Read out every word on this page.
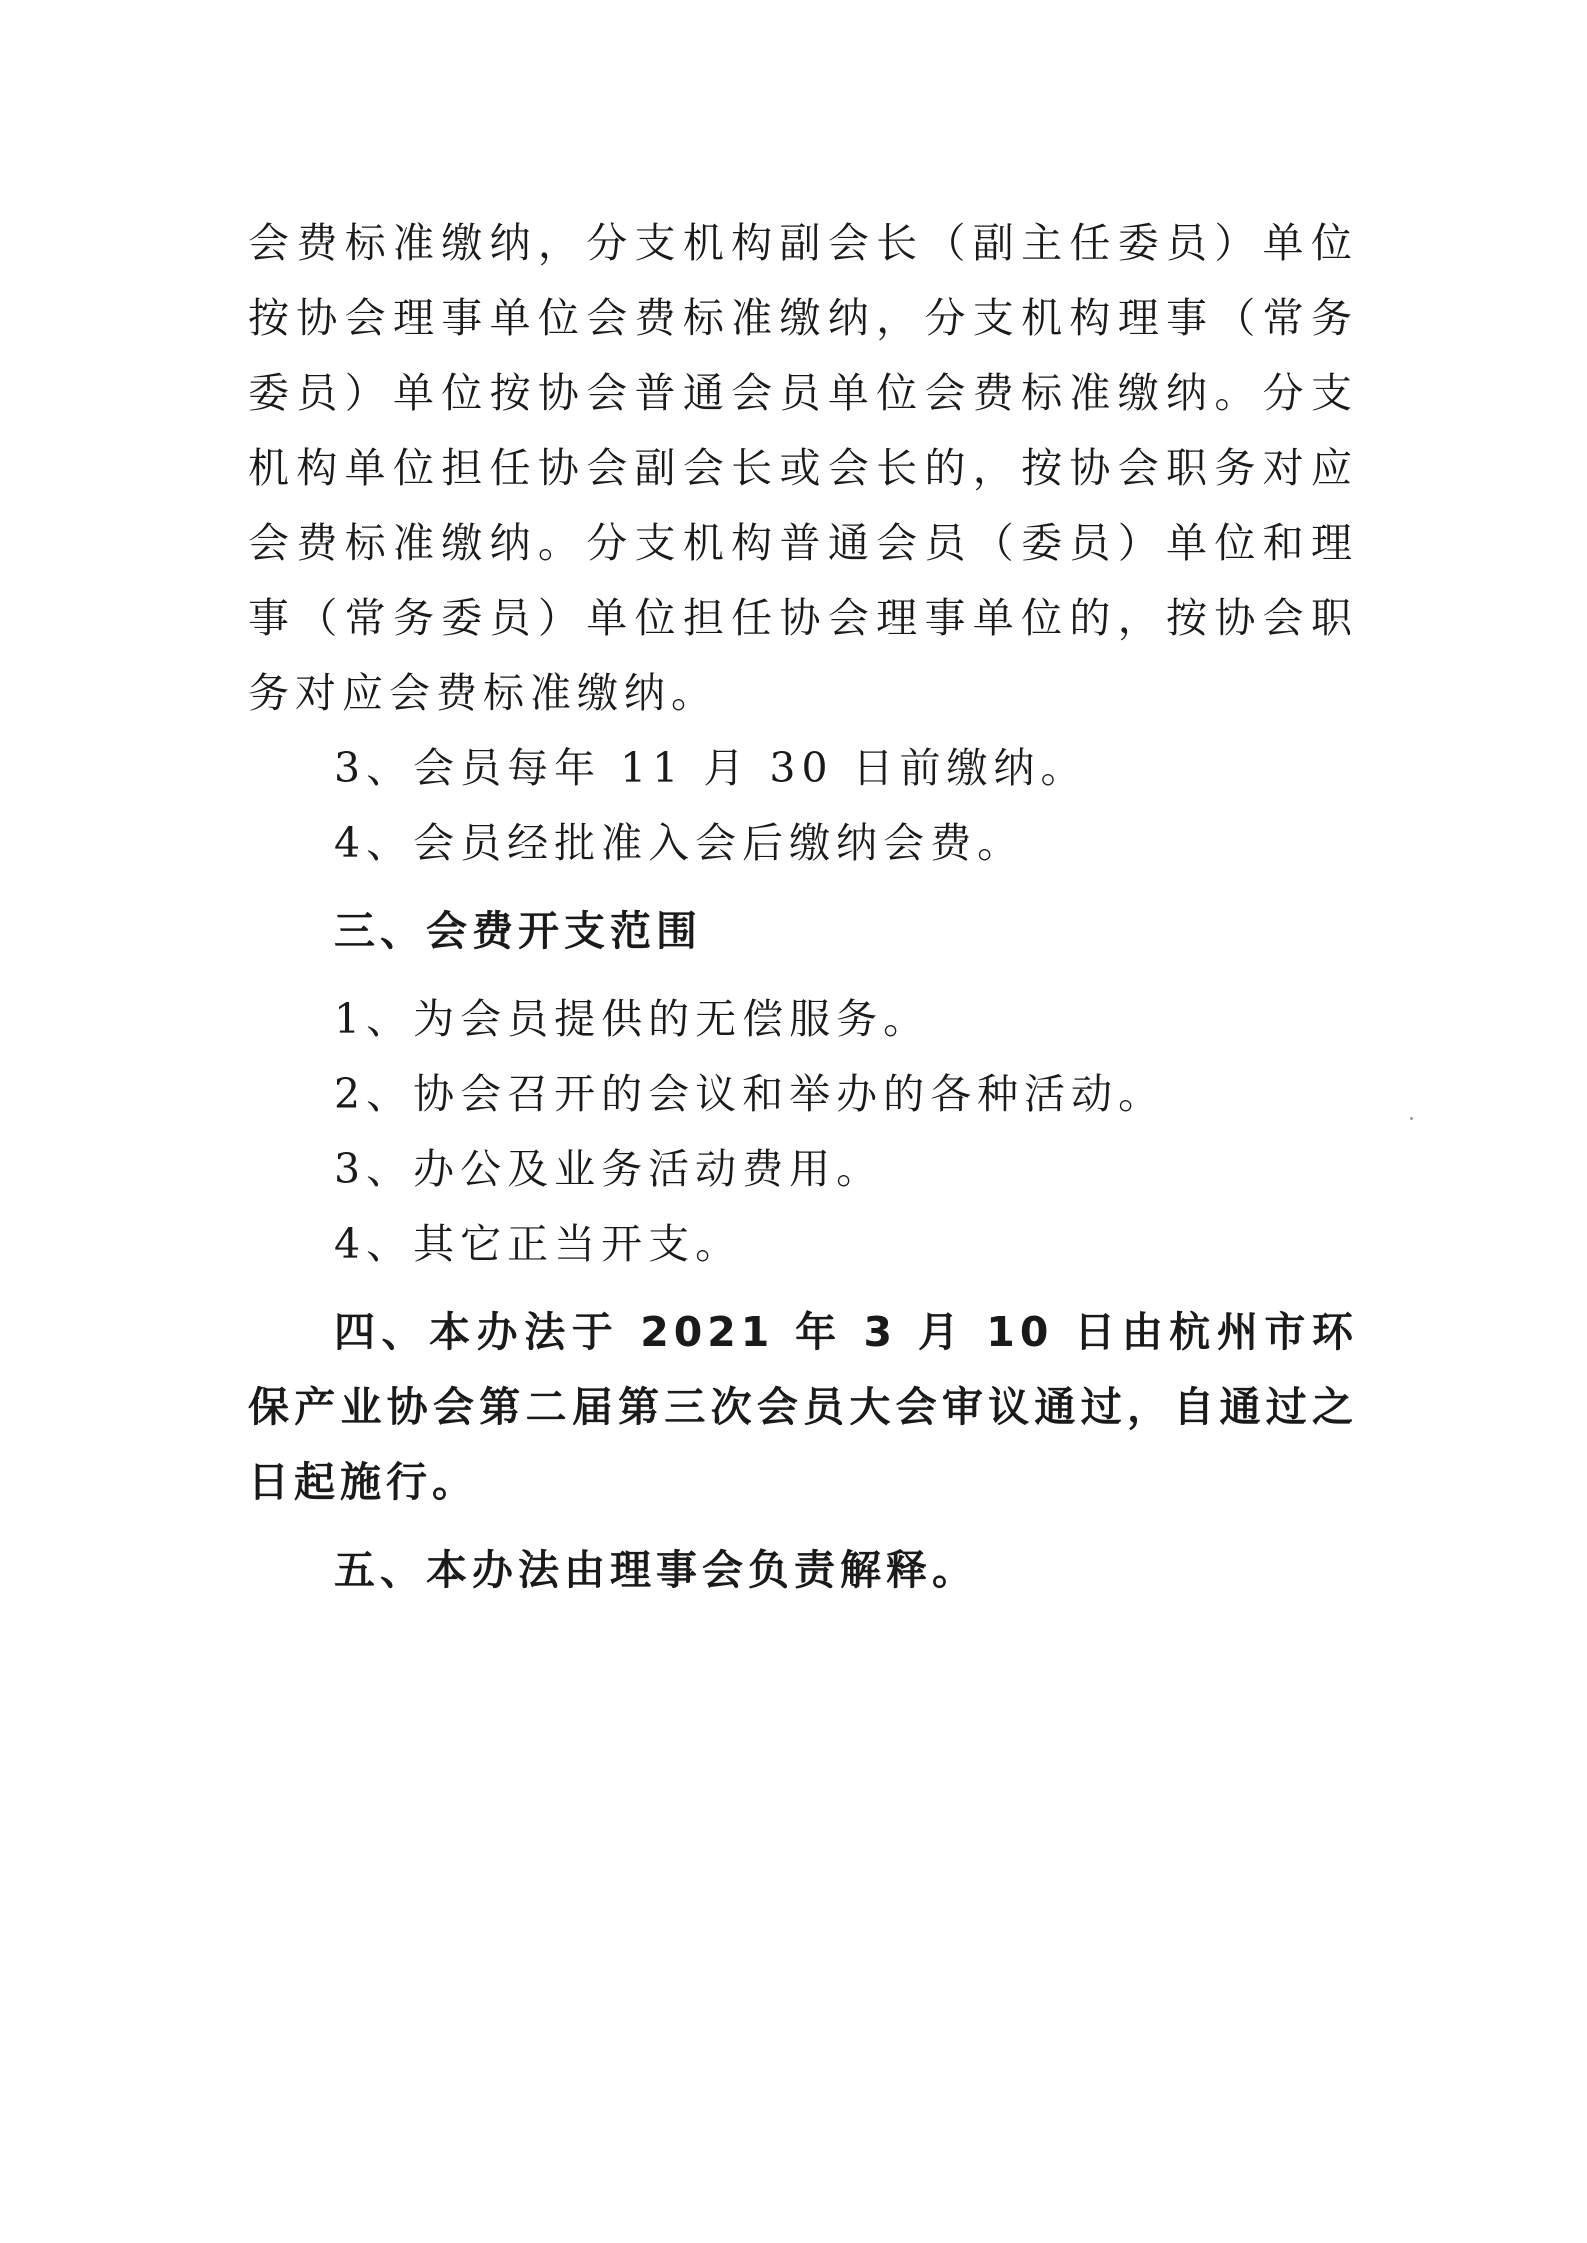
会费标准缴纳，分支机构副会长（副主任委员）单位按协会理事单位会费标准缴纳，分支机构理事（常务委员）单位按协会普通会员单位会费标准缴纳。分支机构单位担任协会副会长或会长的，按协会职务对应会费标准缴纳。分支机构普通会员（委员）单位和理事（常务委员）单位担任协会理事单位的，按协会职务对应会费标准缴纳。

3、会员每年 11 月 30 日前缴纳。

4、会员经批准入会后缴纳会费。

三、会费开支范围

1、为会员提供的无偿服务。

2、协会召开的会议和举办的各种活动。

3、办公及业务活动费用。

4、其它正当开支。

四、本办法于 2021 年 3 月 10 日由杭州市环保产业协会第二届第三次会员大会审议通过，自通过之日起施行。

五、本办法由理事会负责解释。
